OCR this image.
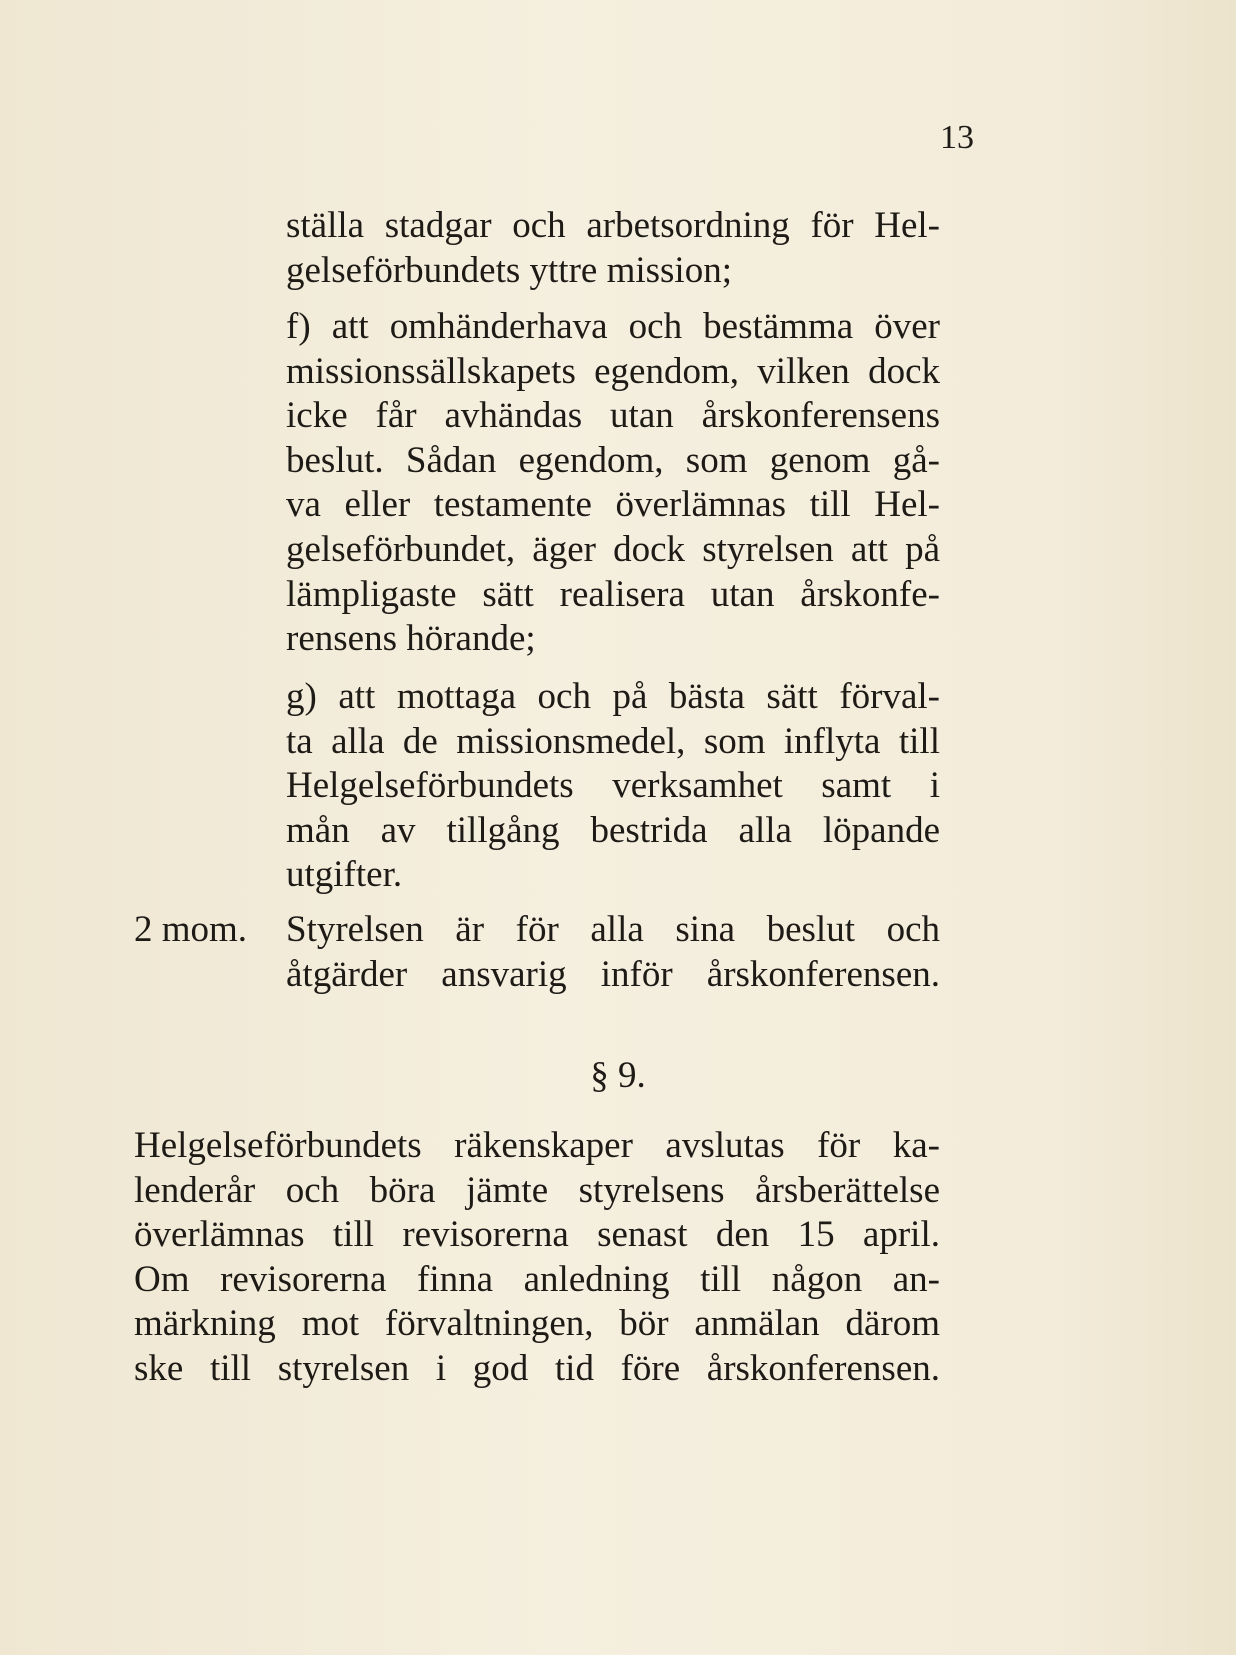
13

ställa stadgar och arbetsordning för Hel-
gelseförbundets yttre mission;

f) att omhänderhava och bestämma över
missionssällskapets egendom, vilken dock
icke får avhändas utan årskonferensens
beslut. Sådan egendom, som genom gå-
va eller testamente överlämnas till Hel-
gelseförbundet, äger dock styrelsen att på
lämpligaste sätt realisera utan årskonfe-
rensens hörande;

g) att mottaga och på bästa sätt förval-
ta alla de missionsmedel, som inflyta till
Helgelseförbundets verksamhet samt i
mån av tillgång bestrida alla löpande
utgifter.

2 mom. Styrelsen är för alla sina beslut och
åtgärder ansvarig inför årskonferensen.

§ 9.

Helgelseförbundets räkenskaper avslutas för ka-
lenderår och böra jämte styrelsens årsberättelse
överlämnas till revisorerna senast den 15 april.
Om revisorerna finna anledning till någon an-
märkning mot förvaltningen, bör anmälan därom
ske till styrelsen i god tid före årskonferensen.
